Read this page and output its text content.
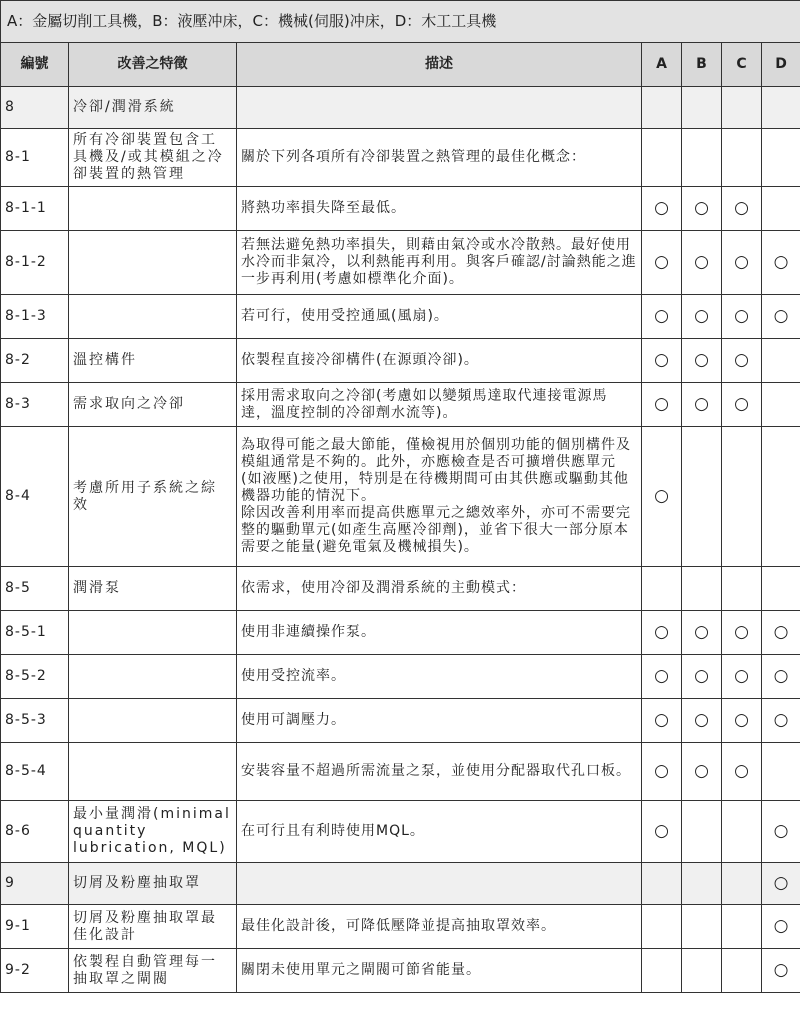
A：金屬切削工具機，B：液壓冲床，C：機械(伺服)冲床，D：木工工具機						
編號	改善之特徵	描述	A	B	C	D
8	冷卻/潤滑系統					
8-1	所有冷卻裝置包含工具機及/或其模組之冷卻裝置的熱管理	關於下列各項所有冷卻裝置之熱管理的最佳化概念：				
8-1-1		將熱功率損失降至最低。	○	○	○	
8-1-2		若無法避免熱功率損失，則藉由氣冷或水冷散熱。最好使用水冷而非氣冷，以利熱能再利用。與客戶確認/討論熱能之進一步再利用(考慮如標準化介面)。	○	○	○	○
8-1-3		若可行，使用受控通風(風扇)。	○	○	○	○
8-2	溫控構件	依製程直接冷卻構件(在源頭冷卻)。	○	○	○	
8-3	需求取向之冷卻	採用需求取向之冷卻(考慮如以變頻馬達取代連接電源馬達，溫度控制的冷卻劑水流等)。	○	○	○	
8-4	考慮所用子系統之綜效	為取得可能之最大節能，僅檢視用於個別功能的個別構件及模組通常是不夠的。此外，亦應檢查是否可擴增供應單元(如液壓)之使用，特別是在待機期間可由其供應或驅動其他機器功能的情況下。
除因改善利用率而提高供應單元之總效率外，亦可不需要完整的驅動單元(如產生高壓冷卻劑)，並省下很大一部分原本需要之能量(避免電氣及機械損失)。	○			
8-5	潤滑泵	依需求，使用冷卻及潤滑系統的主動模式：				
8-5-1		使用非連續操作泵。	○	○	○	○
8-5-2		使用受控流率。	○	○	○	○
8-5-3		使用可調壓力。	○	○	○	○
8-5-4		安裝容量不超過所需流量之泵，並使用分配器取代孔口板。	○	○	○	
8-6	最小量潤滑(minimal quantity lubrication, MQL)	在可行且有利時使用MQL。	○			○
9	切屑及粉塵抽取罩					○
9-1	切屑及粉塵抽取罩最佳化設計	最佳化設計後，可降低壓降並提高抽取罩效率。				○
9-2	依製程自動管理每一抽取罩之閘閥	關閉未使用單元之閘閥可節省能量。				○
